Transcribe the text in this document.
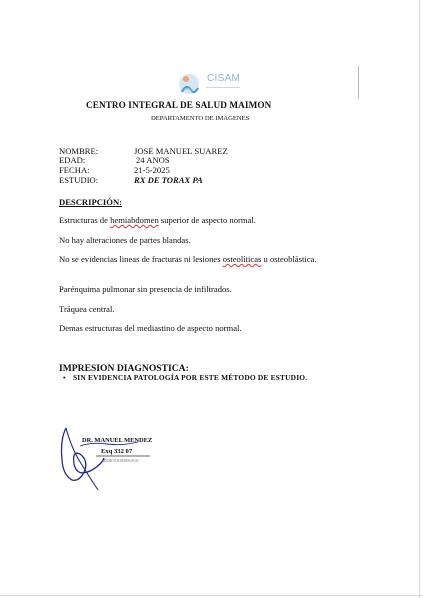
CISAM
CENTRO INTEGRAL DE SALUD MAIMON
DEPARTAMENTO DE IMAGENES
NOMBRE:	JOSE MANUEL SUAREZ
EDAD:	24 ANOS
FECHA:	21-5-2025
ESTUDIO:	RX DE TORAX PA
DESCRIPCIÓN:
Estructuras de hemiabdomen superior de aspecto normal.
No hay alteraciones de partes blandas.
No se evidencias lineas de fracturas ni lesiones osteolíticas u osteoblástica.
Parénquima pulmonar sin presencia de infiltrados.
Tráquea central.
Demas estructuras del mediastino de aspecto normal.
IMPRESION DIAGNOSTICA:
• SIN EVIDENCIA PATOLOGÍA POR ESTE MÉTODO DE ESTUDIO.
DR. MANUEL MENDEZ
Exq 332 07
MEDICO RADIOLOGO
